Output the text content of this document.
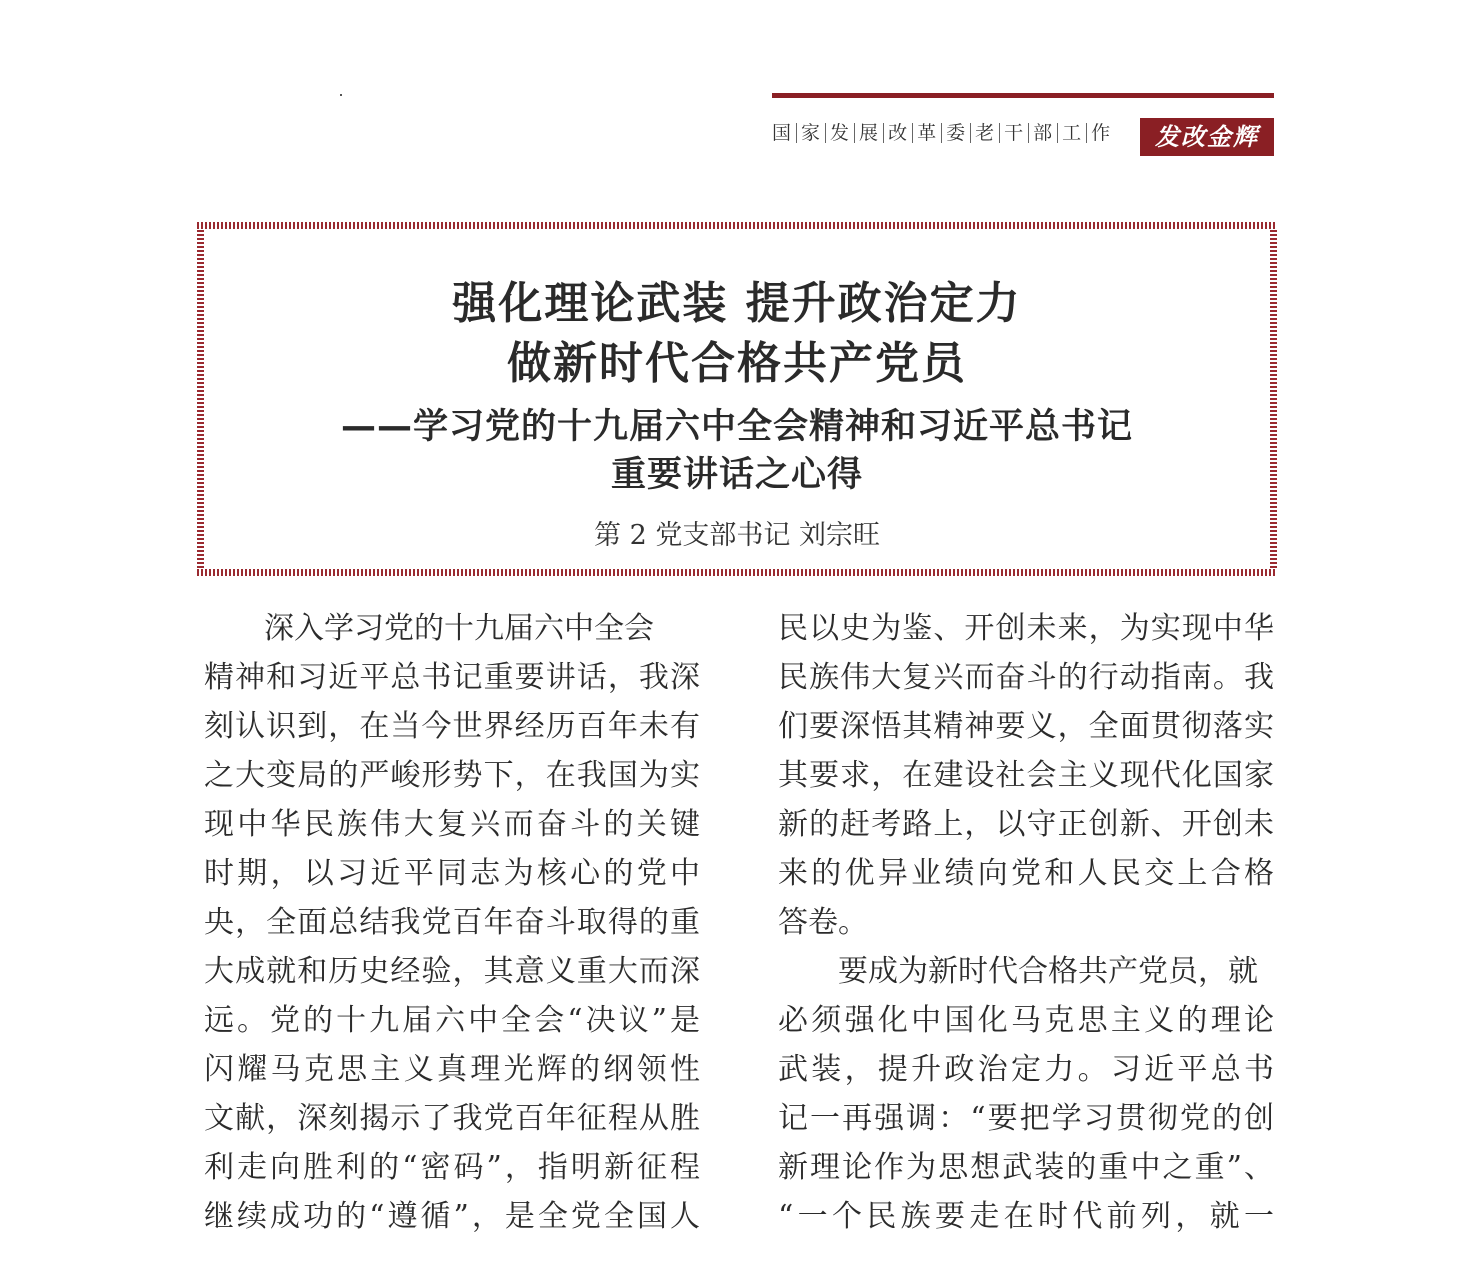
国 家 发 展 改 革 委 老 干 部 工 作	发改金辉
强化理论武装 提升政治定力
做新时代合格共产党员
——学习党的十九届六中全会精神和习近平总书记
重要讲话之心得
第 2 党支部书记 刘宗旺
　　深入学习党的十九届六中全会
精神和习近平总书记重要讲话，我深
刻认识到，在当今世界经历百年未有
之大变局的严峻形势下，在我国为实
现中华民族伟大复兴而奋斗的关键
时期，以习近平同志为核心的党中
央，全面总结我党百年奋斗取得的重
大成就和历史经验，其意义重大而深
远。党的十九届六中全会“决议”是
闪耀马克思主义真理光辉的纲领性
文献，深刻揭示了我党百年征程从胜
利走向胜利的“密码”，指明新征程
继续成功的“遵循”，是全党全国人
民以史为鉴、开创未来，为实现中华
民族伟大复兴而奋斗的行动指南。我
们要深悟其精神要义，全面贯彻落实
其要求，在建设社会主义现代化国家
新的赶考路上，以守正创新、开创未
来的优异业绩向党和人民交上合格
答卷。
　　要成为新时代合格共产党员，就
必须强化中国化马克思主义的理论
武装，提升政治定力。习近平总书
记一再强调：“要把学习贯彻党的创
新理论作为思想武装的重中之重”、
“一个民族要走在时代前列，就一
